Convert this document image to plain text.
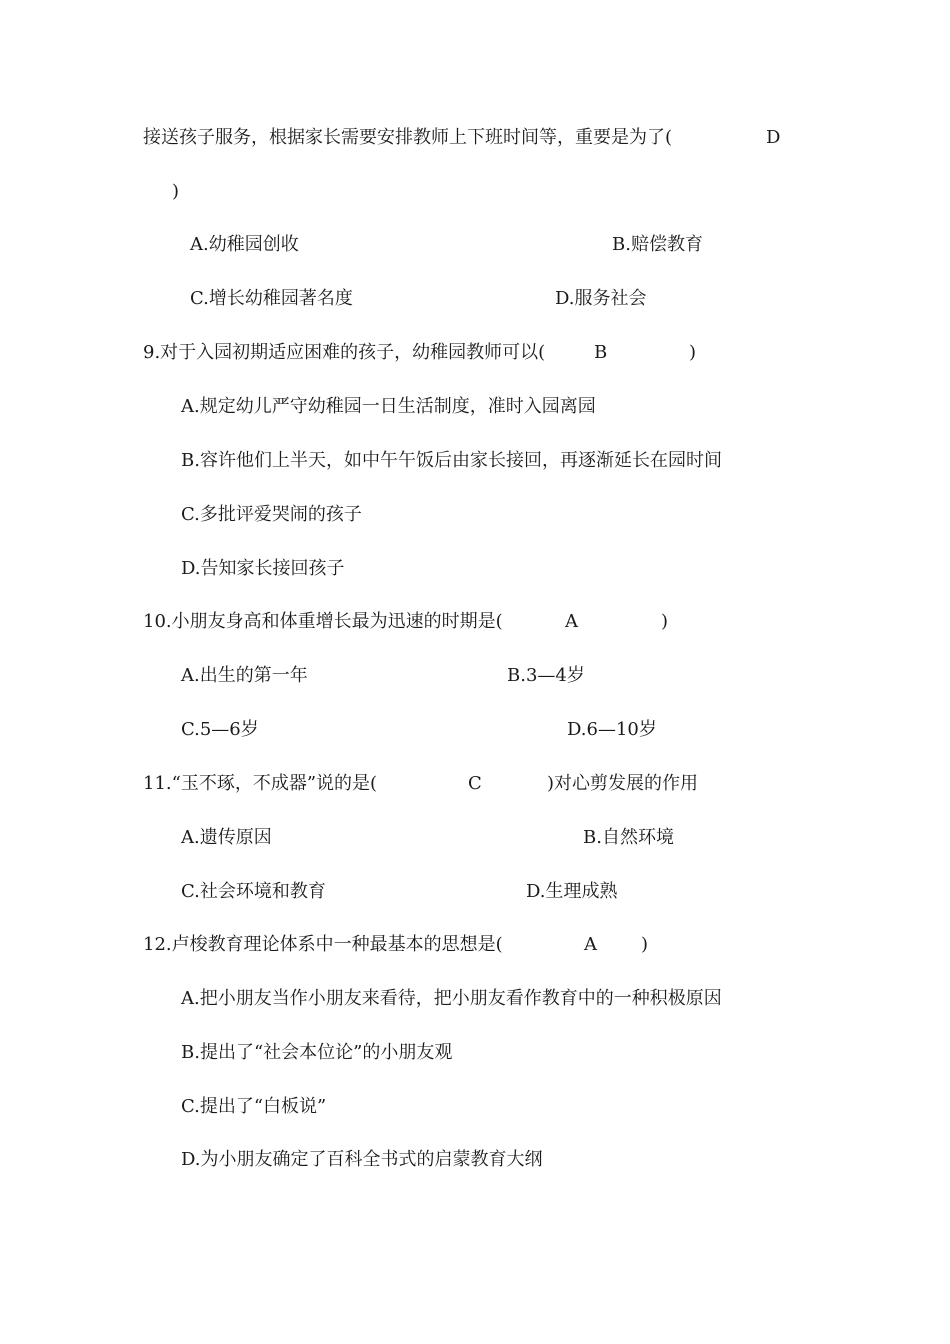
接送孩子服务，根据家长需要安排教师上下班时间等，重要是为了(	D
)
A.幼稚园创收	B.赔偿教育
C.增长幼稚园著名度	D.服务社会
9.对于入园初期适应困难的孩子，幼稚园教师可以(	B	)
A.规定幼儿严守幼稚园一日生活制度，准时入园离园
B.容许他们上半天，如中午午饭后由家长接回，再逐渐延长在园时间
C.多批评爱哭闹的孩子
D.告知家长接回孩子
10.小朋友身高和体重增长最为迅速的时期是(	A	)
A.出生的第一年	B.3—4岁
C.5—6岁	D.6—10岁
11.“玉不琢，不成器”说的是(	C	)对心剪发展的作用
A.遗传原因	B.自然环境
C.社会环境和教育	D.生理成熟
12.卢梭教育理论体系中一种最基本的思想是(	A )
A.把小朋友当作小朋友来看待，把小朋友看作教育中的一种积极原因
B.提出了“社会本位论”的小朋友观
C.提出了“白板说”
D.为小朋友确定了百科全书式的启蒙教育大纲
